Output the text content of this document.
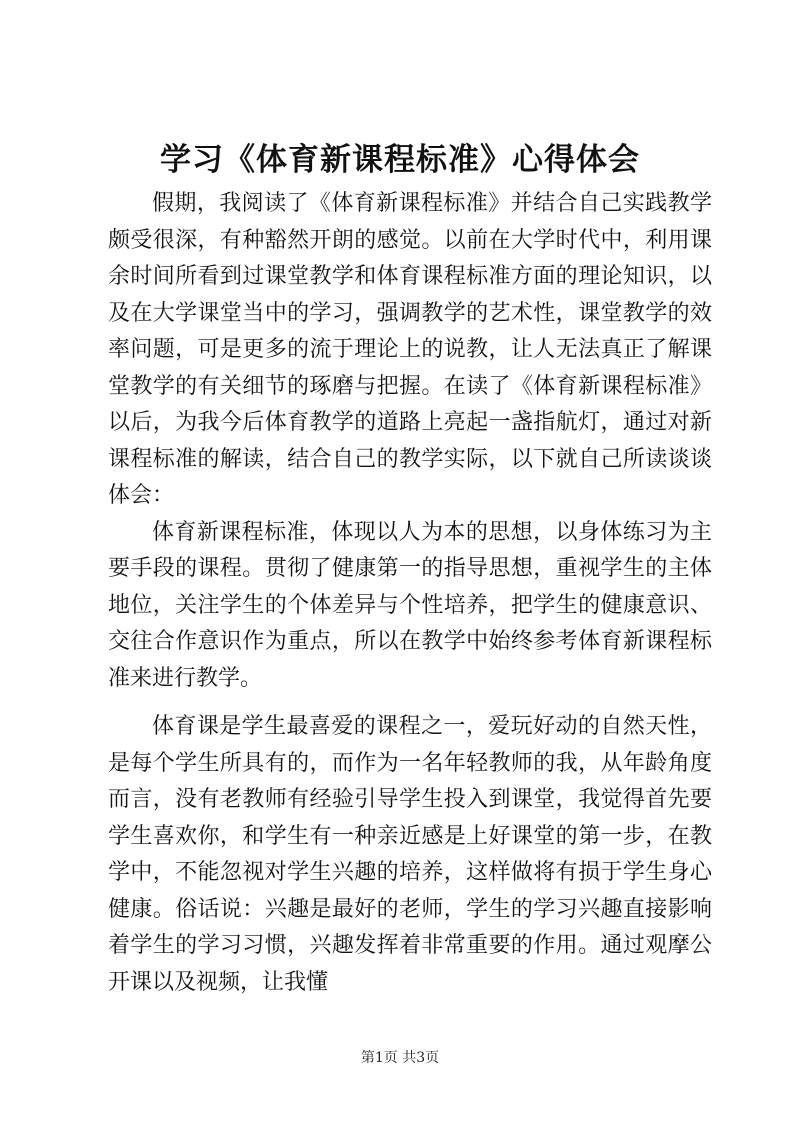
学习《体育新课程标准》心得体会

假期，我阅读了《体育新课程标准》并结合自己实践教学颇受很深，有种豁然开朗的感觉。以前在大学时代中，利用课余时间所看到过课堂教学和体育课程标准方面的理论知识，以及在大学课堂当中的学习，强调教学的艺术性，课堂教学的效率问题，可是更多的流于理论上的说教，让人无法真正了解课堂教学的有关细节的琢磨与把握。在读了《体育新课程标准》以后，为我今后体育教学的道路上亮起一盏指航灯，通过对新课程标准的解读，结合自己的教学实际，以下就自己所读谈谈体会：

体育新课程标准，体现以人为本的思想，以身体练习为主要手段的课程。贯彻了健康第一的指导思想，重视学生的主体地位，关注学生的个体差异与个性培养，把学生的健康意识、交往合作意识作为重点，所以在教学中始终参考体育新课程标准来进行教学。

体育课是学生最喜爱的课程之一，爱玩好动的自然天性，是每个学生所具有的，而作为一名年轻教师的我，从年龄角度而言，没有老教师有经验引导学生投入到课堂，我觉得首先要学生喜欢你，和学生有一种亲近感是上好课堂的第一步，在教学中，不能忽视对学生兴趣的培养，这样做将有损于学生身心健康。俗话说：兴趣是最好的老师，学生的学习兴趣直接影响着学生的学习习惯，兴趣发挥着非常重要的作用。通过观摩公开课以及视频，让我懂

第1页 共3页
